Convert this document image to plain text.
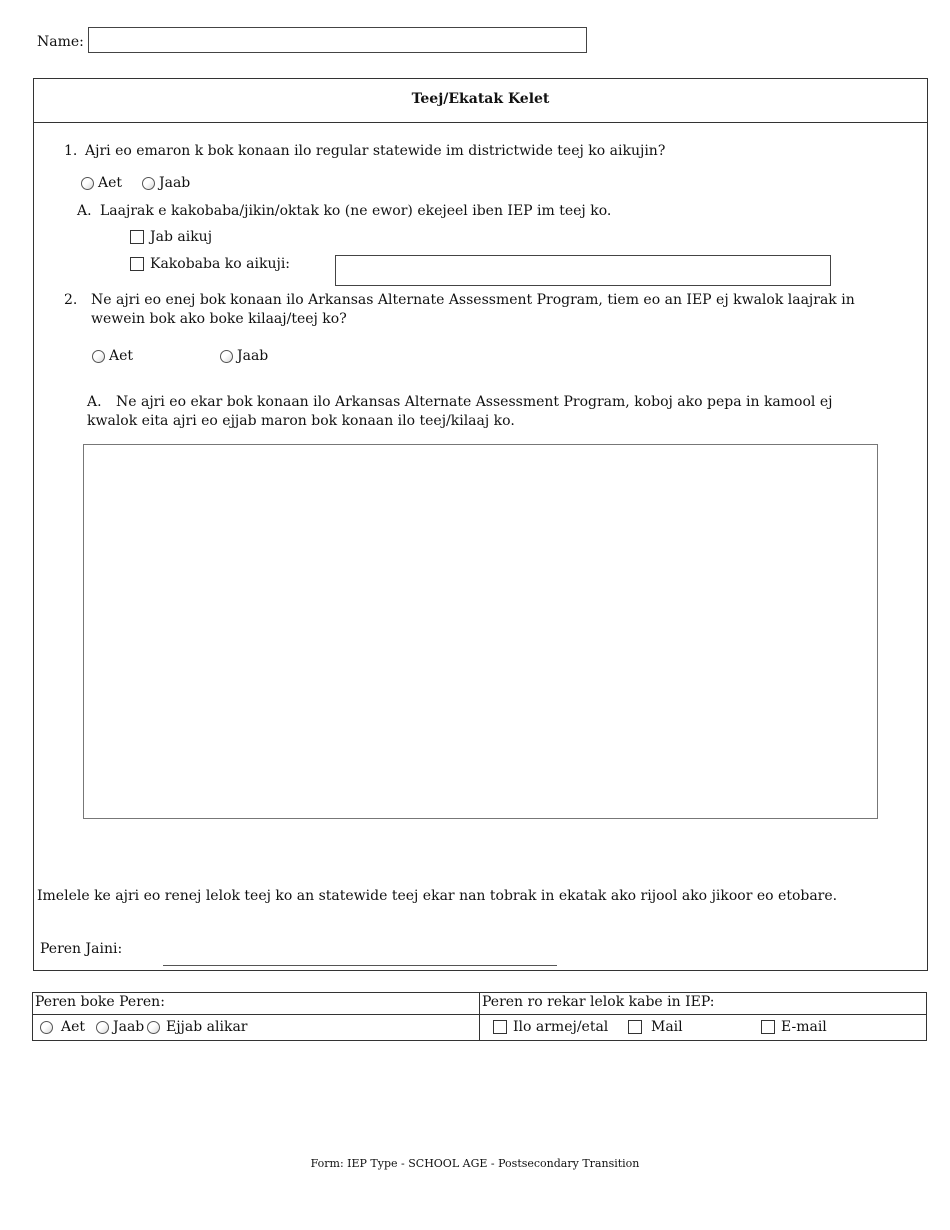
Name:
Teej/Ekatak Kelet
1. Ajri eo emaron k bok konaan ilo regular statewide im districtwide teej ko aikujin?
Aet	Jaab
A. Laajrak e kakobaba/jikin/oktak ko (ne ewor) ekejeel iben IEP im teej ko.
Jab aikuj
Kakobaba ko aikuji:
2. Ne ajri eo enej bok konaan ilo Arkansas Alternate Assessment Program, tiem eo an IEP ej kwalok laajrak in wewein bok ako boke kilaaj/teej ko?
Aet	Jaab
A.	Ne ajri eo ekar bok konaan ilo Arkansas Alternate Assessment Program, koboj ako pepa in kamool ej kwalok eita ajri eo ejjab maron bok konaan ilo teej/kilaaj ko.
Imelele ke ajri eo renej lelok teej ko an statewide teej ekar nan tobrak in ekatak ako rijool ako jikoor eo etobare.
Peren Jaini:
Peren boke Peren:	Peren ro rekar lelok kabe in IEP:
Aet Jaab Ejjab alikar	Ilo armej/etal	Mail	E-mail
Form: IEP Type - SCHOOL AGE - Postsecondary Transition
